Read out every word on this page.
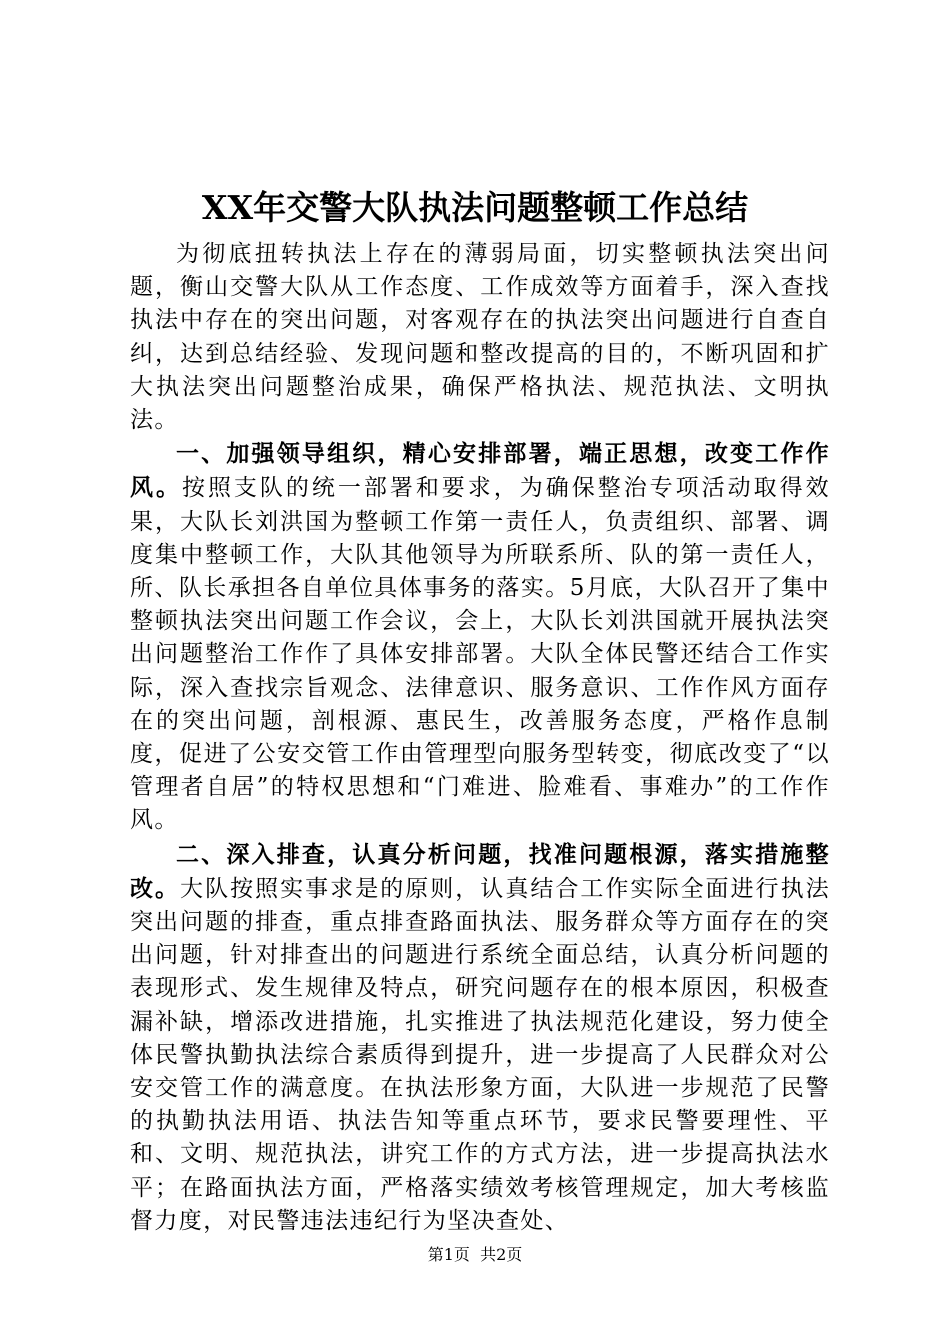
XX年交警大队执法问题整顿工作总结

为彻底扭转执法上存在的薄弱局面，切实整顿执法突出问题，衡山交警大队从工作态度、工作成效等方面着手，深入查找执法中存在的突出问题，对客观存在的执法突出问题进行自查自纠，达到总结经验、发现问题和整改提高的目的，不断巩固和扩大执法突出问题整治成果，确保严格执法、规范执法、文明执法。

一、加强领导组织，精心安排部署，端正思想，改变工作作风。按照支队的统一部署和要求，为确保整治专项活动取得效果，大队长刘洪国为整顿工作第一责任人，负责组织、部署、调度集中整顿工作，大队其他领导为所联系所、队的第一责任人，所、队长承担各自单位具体事务的落实。5月底，大队召开了集中整顿执法突出问题工作会议，会上，大队长刘洪国就开展执法突出问题整治工作作了具体安排部署。大队全体民警还结合工作实际，深入查找宗旨观念、法律意识、服务意识、工作作风方面存在的突出问题，剖根源、惠民生，改善服务态度，严格作息制度，促进了公安交管工作由管理型向服务型转变，彻底改变了“以管理者自居”的特权思想和“门难进、脸难看、事难办”的工作作风。

二、深入排查，认真分析问题，找准问题根源，落实措施整改。大队按照实事求是的原则，认真结合工作实际全面进行执法突出问题的排查，重点排查路面执法、服务群众等方面存在的突出问题，针对排查出的问题进行系统全面总结，认真分析问题的表现形式、发生规律及特点，研究问题存在的根本原因，积极查漏补缺，增添改进措施，扎实推进了执法规范化建设，努力使全体民警执勤执法综合素质得到提升，进一步提高了人民群众对公安交管工作的满意度。在执法形象方面，大队进一步规范了民警的执勤执法用语、执法告知等重点环节，要求民警要理性、平和、文明、规范执法，讲究工作的方式方法，进一步提高执法水平；在路面执法方面，严格落实绩效考核管理规定，加大考核监督力度，对民警违法违纪行为坚决查处、

第1页 共2页
